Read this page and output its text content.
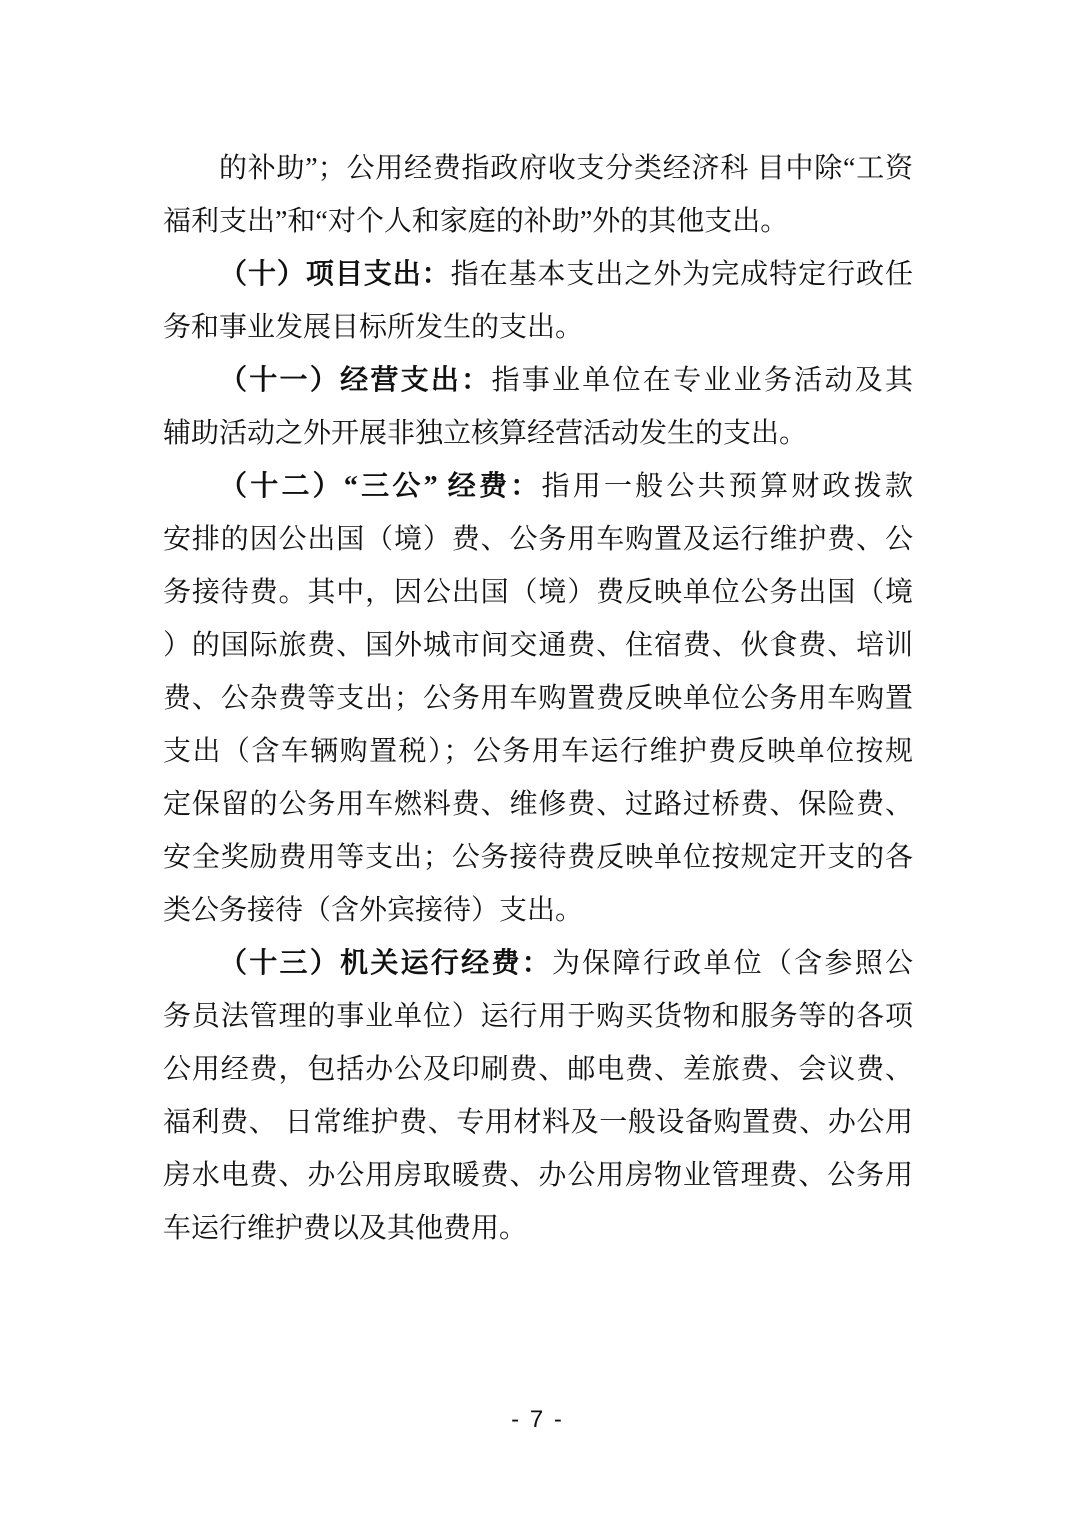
的补助”；公用经费指政府收支分类经济科 目中除“工资
福利支出”和“对个人和家庭的补助”外的其他支出。
（十）项目支出：指在基本支出之外为完成特定行政任
务和事业发展目标所发生的支出。
（十一）经营支出：指事业单位在专业业务活动及其
辅助活动之外开展非独立核算经营活动发生的支出。
（十二）“三公” 经费：指用一般公共预算财政拨款
安排的因公出国（境）费、公务用车购置及运行维护费、公
务接待费。其中，因公出国（境）费反映单位公务出国（境
）的国际旅费、国外城市间交通费、住宿费、伙食费、培训
费、公杂费等支出；公务用车购置费反映单位公务用车购置
支出（含车辆购置税）；公务用车运行维护费反映单位按规
定保留的公务用车燃料费、维修费、过路过桥费、保险费、
安全奖励费用等支出；公务接待费反映单位按规定开支的各
类公务接待（含外宾接待）支出。
（十三）机关运行经费：为保障行政单位（含参照公
务员法管理的事业单位）运行用于购买货物和服务等的各项
公用经费，包括办公及印刷费、邮电费、差旅费、会议费、
福利费、 日常维护费、专用材料及一般设备购置费、办公用
房水电费、办公用房取暖费、办公用房物业管理费、公务用
车运行维护费以及其他费用。
- 7 -
